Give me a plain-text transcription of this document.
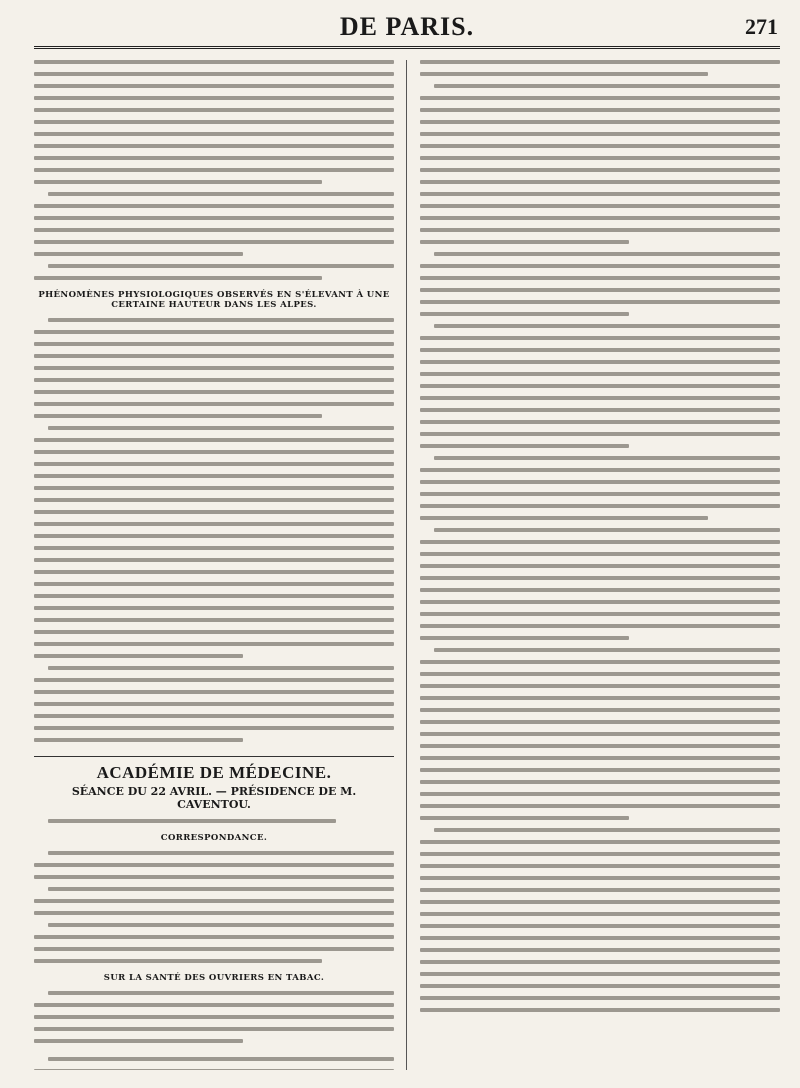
DE PARIS.	271
PHÉNOMÈNES PHYSIOLOGIQUES OBSERVÉS EN S'ÉLEVANT À UNE CERTAINE HAUTEUR DANS LES ALPES.
ACADÉMIE DE MÉDECINE.
SÉANCE DU 22 AVRIL. — PRÉSIDENCE DE M. CAVENTOU.
CORRESPONDANCE.
SUR LA SANTÉ DES OUVRIERS EN TABAC.
